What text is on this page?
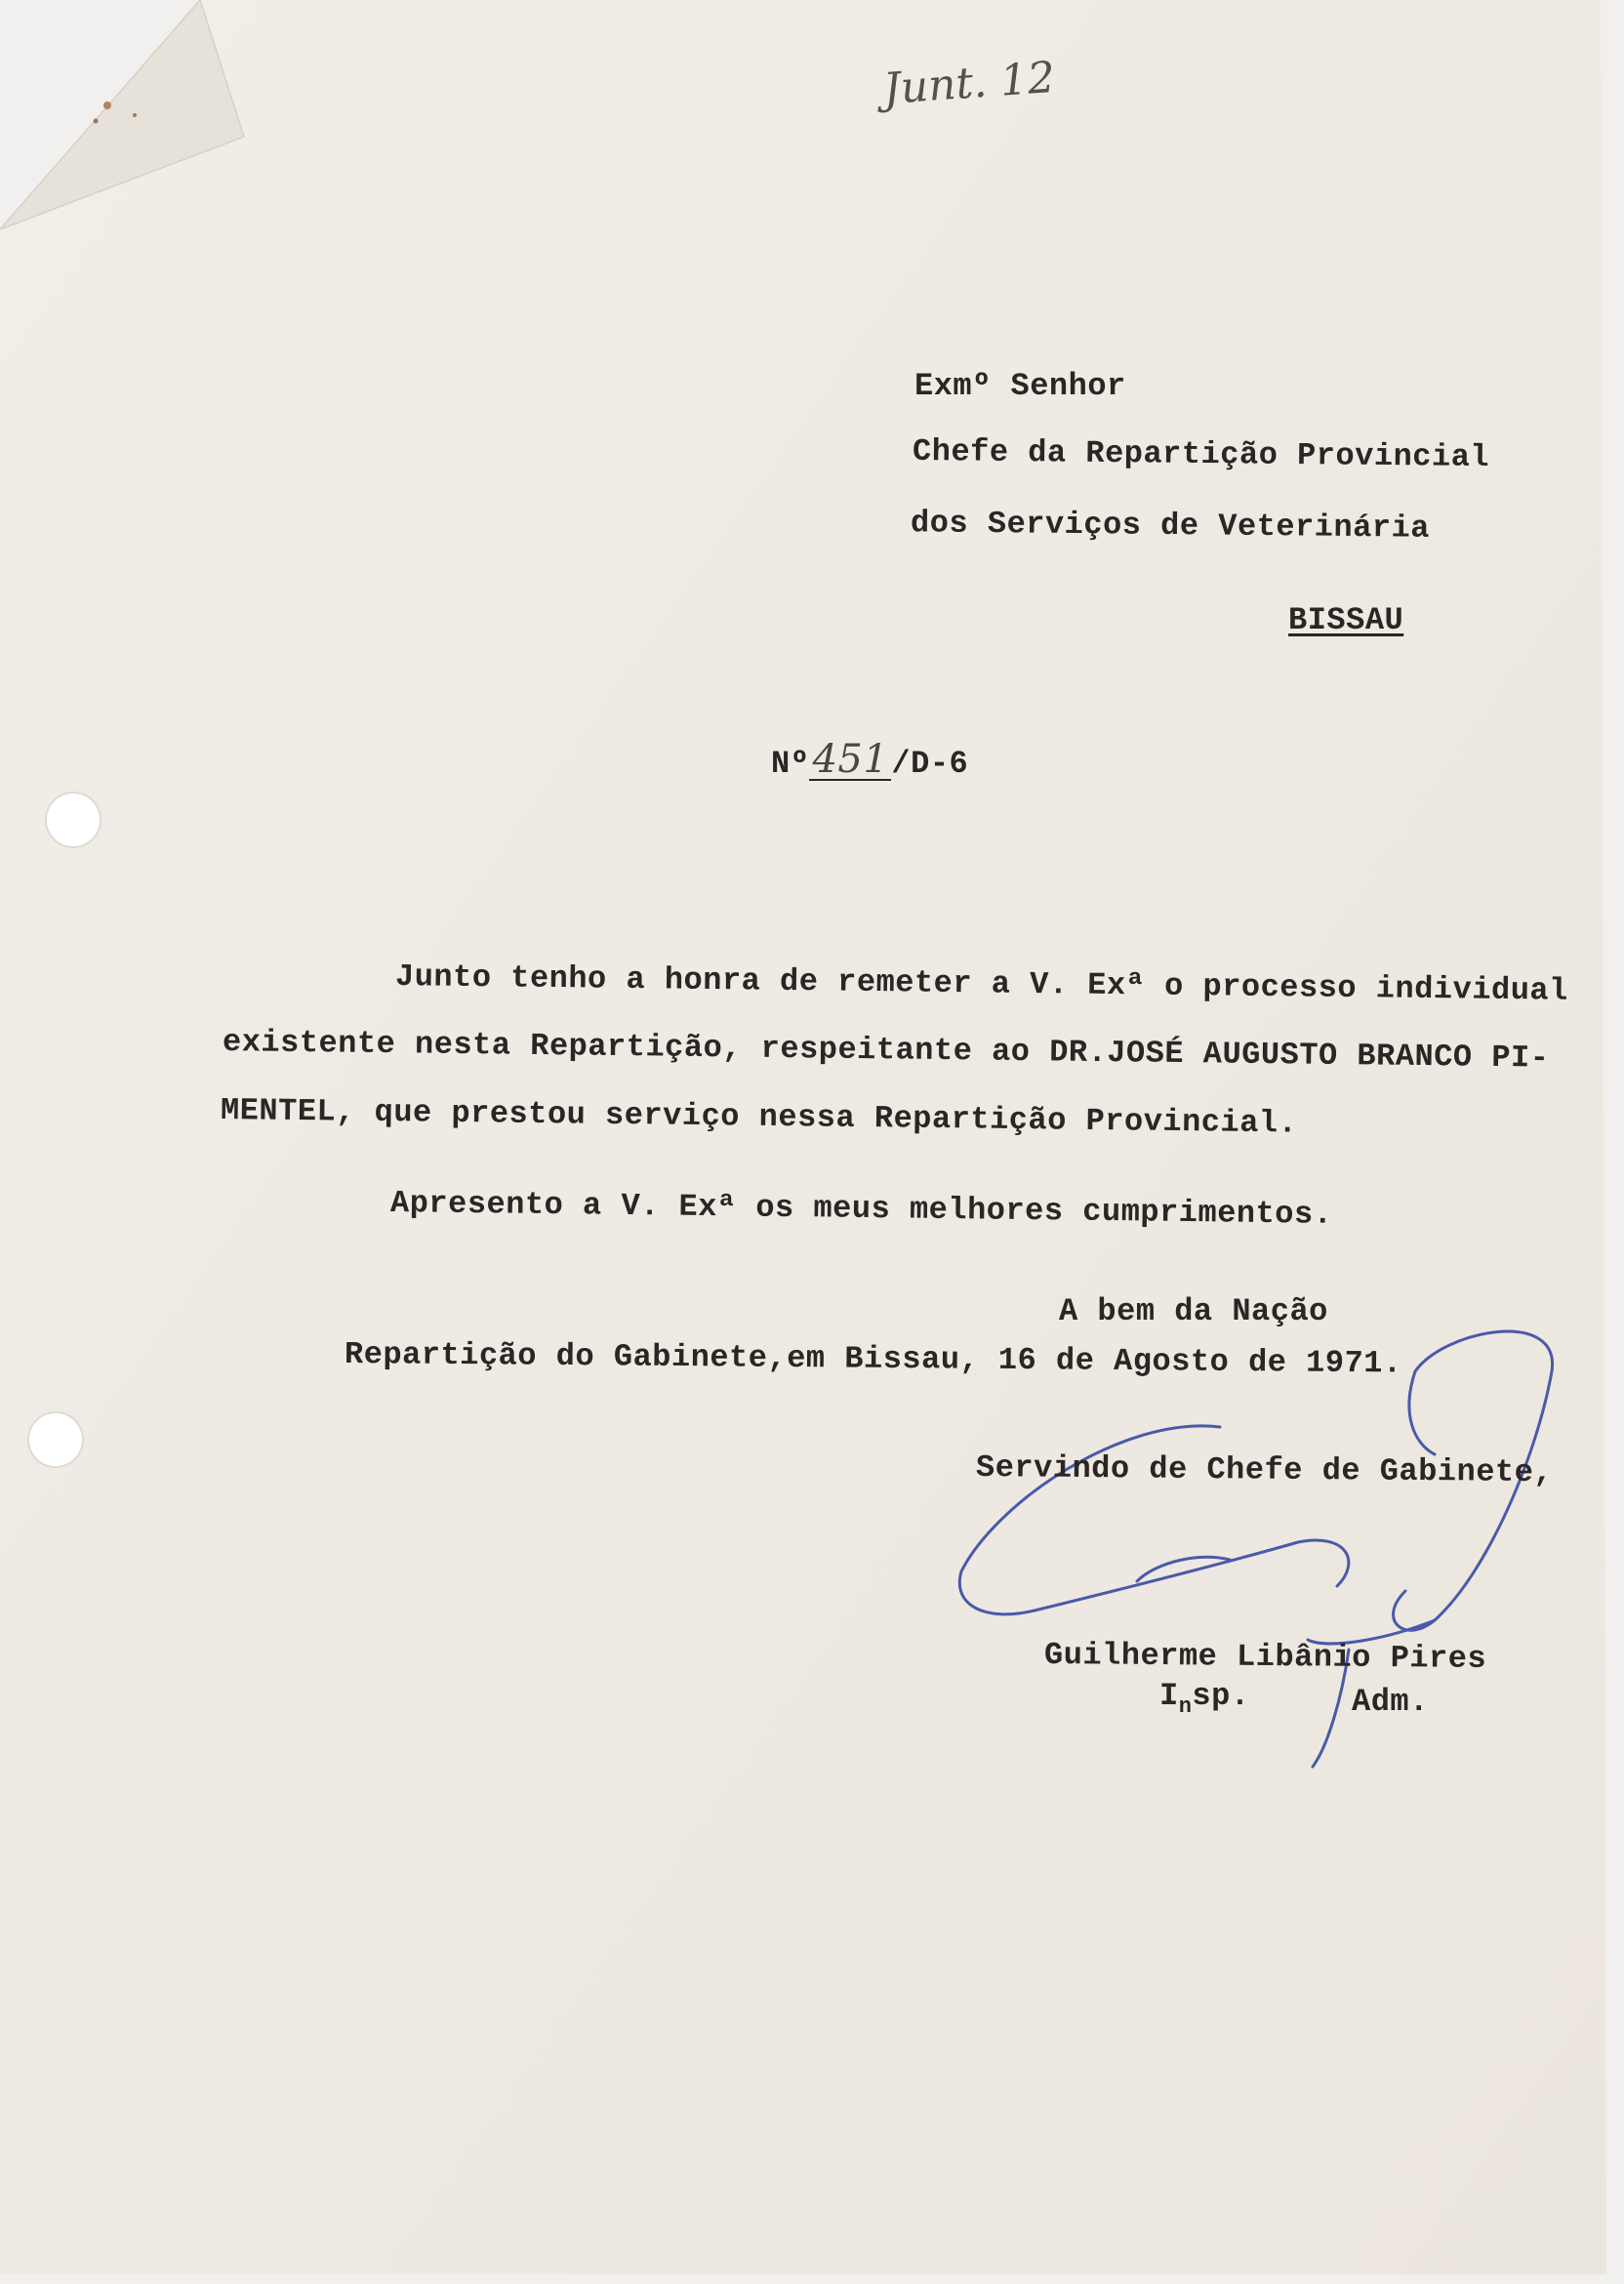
Junt. 12
Exmº Senhor
Chefe da Repartição Provincial
dos Serviços de Veterinária
BISSAU
Nº451/D-6
Junto tenho a honra de remeter a V. Exª o processo individual
existente nesta Repartição, respeitante ao DR.JOSÉ AUGUSTO BRANCO PI-
MENTEL, que prestou serviço nessa Repartição Provincial.
Apresento a V. Exª os meus melhores cumprimentos.
A bem da Nação
Repartição do Gabinete,em Bissau, 16 de Agosto de 1971.
Servindo de Chefe de Gabinete,
Guilherme Libânio Pires
$I_nsp$.	Adm.
